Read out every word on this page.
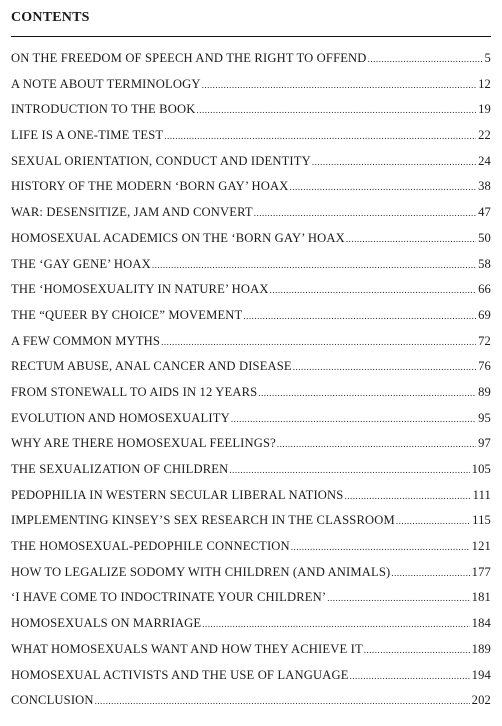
CONTENTS
ON THE FREEDOM OF SPEECH AND THE RIGHT TO OFFEND .....	5
A NOTE ABOUT TERMINOLOGY .....	12
INTRODUCTION TO THE BOOK .....	19
LIFE IS A ONE-TIME TEST .....	22
SEXUAL ORIENTATION, CONDUCT AND IDENTITY .....	24
HISTORY OF THE MODERN ‘BORN GAY’ HOAX .....	38
WAR: DESENSITIZE, JAM AND CONVERT .....	47
HOMOSEXUAL ACADEMICS ON THE ‘BORN GAY’ HOAX .....	50
THE ‘GAY GENE’ HOAX .....	58
THE ‘HOMOSEXUALITY IN NATURE’ HOAX .....	66
THE “QUEER BY CHOICE” MOVEMENT .....	69
A FEW COMMON MYTHS .....	72
RECTUM ABUSE, ANAL CANCER AND DISEASE .....	76
FROM STONEWALL TO AIDS IN 12 YEARS .....	89
EVOLUTION AND HOMOSEXUALITY .....	95
WHY ARE THERE HOMOSEXUAL FEELINGS? .....	97
THE SEXUALIZATION OF CHILDREN .....	105
PEDOPHILIA IN WESTERN SECULAR LIBERAL NATIONS .....	111
IMPLEMENTING KINSEY’S SEX RESEARCH IN THE CLASSROOM .....	115
THE HOMOSEXUAL-PEDOPHILE CONNECTION .....	121
HOW TO LEGALIZE SODOMY WITH CHILDREN (AND ANIMALS) .....	177
‘I HAVE COME TO INDOCTRINATE YOUR CHILDREN’ .....	181
HOMOSEXUALS ON MARRIAGE .....	184
WHAT HOMOSEXUALS WANT AND HOW THEY ACHIEVE IT .....	189
HOMOSEXUAL ACTIVISTS AND THE USE OF LANGUAGE .....	194
CONCLUSION .....	202
